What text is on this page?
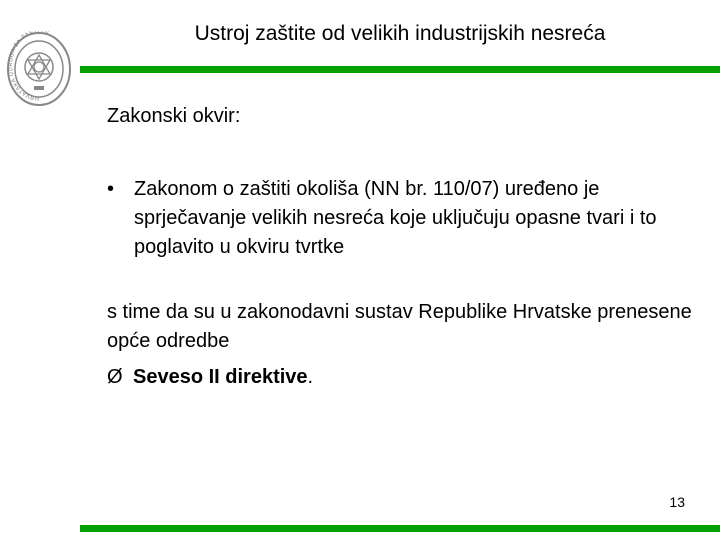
HRVATSKA UDRUGA ZA ZAŠTITU	Ustroj zaštite od velikih industrijskih nesreća
Zakonski okvir:
• Zakonom o zaštiti okoliša (NN br. 110/07) uređeno je sprječavanje velikih nesreća koje uključuju opasne tvari i to poglavito u okviru tvrtke
s time da su u zakonodavni sustav Republike Hrvatske prenesene opće odredbe
Ø Seveso II direktive.
13
